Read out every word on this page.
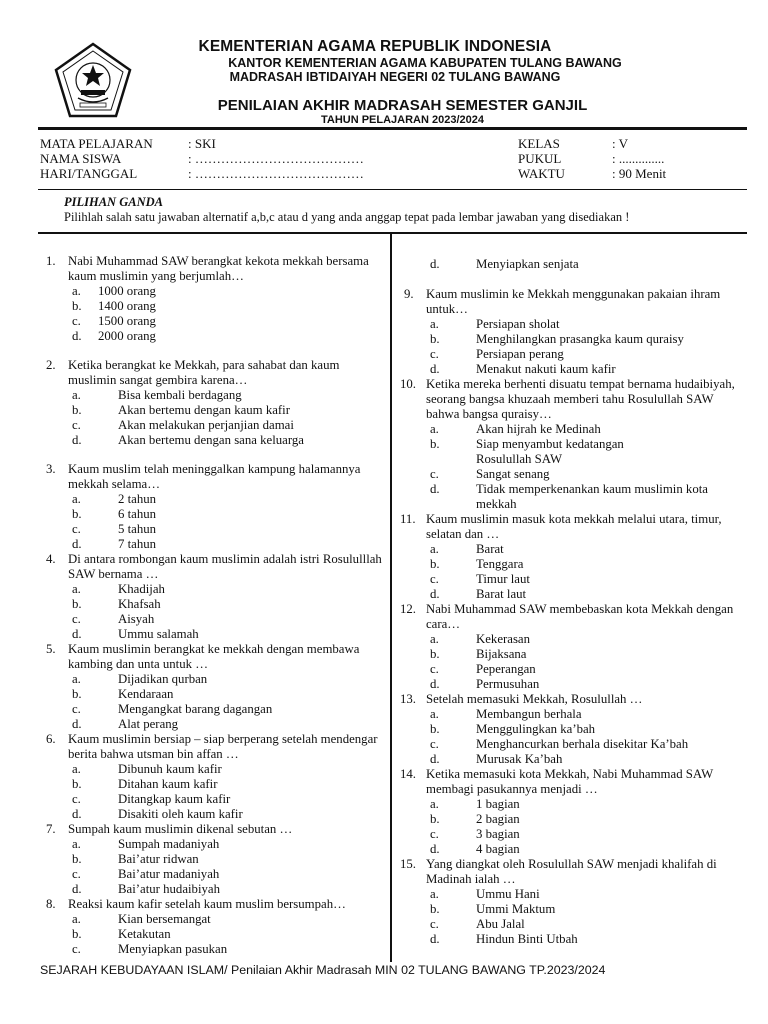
KEMENTERIAN AGAMA REPUBLIK INDONESIA
KANTOR KEMENTERIAN AGAMA KABUPATEN TULANG BAWANG
MADRASAH IBTIDAIYAH NEGERI 02 TULANG BAWANG
PENILAIAN AKHIR MADRASAH SEMESTER GANJIL
TAHUN PELAJARAN 2023/2024
MATA PELAJARAN	: SKI
NAMA SISWA	: …………………………………
HARI/TANGGAL	: …………………………………
KELAS	: V
PUKUL	: ..............
WAKTU	: 90 Menit
PILIHAN GANDA
Pilihlah salah satu jawaban alternatif a,b,c atau d yang anda anggap tepat pada lembar jawaban yang disediakan !
1. Nabi Muhammad SAW berangkat kekota mekkah bersama kaum muslimin yang berjumlah…
a. 1000 orang
b. 1400 orang
c. 1500 orang
d. 2000 orang
2. Ketika berangkat ke Mekkah, para sahabat dan kaum muslimin sangat gembira karena…
a.	Bisa kembali berdagang
b.	Akan bertemu dengan kaum kafir
c.	Akan melakukan perjanjian damai
d.	Akan bertemu dengan sana keluarga
3. Kaum muslim telah meninggalkan kampung halamannya mekkah selama…
a.	2 tahun
b.	6 tahun
c.	5 tahun
d.	7 tahun
4. Di antara rombongan kaum muslimin adalah istri Rosululllah SAW bernama …
a.	Khadijah
b.	Khafsah
c.	Aisyah
d.	Ummu salamah
5. Kaum muslimin berangkat ke mekkah dengan membawa kambing dan unta untuk …
a.	Dijadikan qurban
b.	Kendaraan
c.	Mengangkat barang dagangan
d.	Alat perang
6. Kaum muslimin bersiap – siap berperang setelah mendengar berita bahwa utsman bin affan …
a.	Dibunuh kaum kafir
b.	Ditahan kaum kafir
c.	Ditangkap kaum kafir
d.	Disakiti oleh kaum kafir
7. Sumpah kaum muslimin dikenal sebutan …
a.	Sumpah madaniyah
b.	Bai’atur ridwan
c.	Bai’atur madaniyah
d.	Bai’atur hudaibiyah
8. Reaksi kaum kafir setelah kaum muslim bersumpah…
a.	Kian bersemangat
b.	Ketakutan
c.	Menyiapkan pasukan
d.	Menyiapkan senjata
9. Kaum muslimin ke Mekkah menggunakan pakaian ihram untuk…
a.	Persiapan sholat
b.	Menghilangkan prasangka kaum quraisy
c.	Persiapan perang
d.	Menakut nakuti kaum kafir
10. Ketika mereka berhenti disuatu tempat bernama hudaibiyah, seorang bangsa khuzaah memberi tahu Rosulullah SAW bahwa bangsa quraisy…
a.	Akan hijrah ke Medinah
b.	Siap menyambut kedatangan Rosulullah SAW
c.	Sangat senang
d.	Tidak memperkenankan kaum muslimin kota mekkah
11. Kaum muslimin masuk kota mekkah melalui utara, timur, selatan dan …
a.	Barat
b.	Tenggara
c.	Timur laut
d.	Barat laut
12. Nabi Muhammad SAW membebaskan kota Mekkah dengan cara…
a.	Kekerasan
b.	Bijaksana
c.	Peperangan
d.	Permusuhan
13. Setelah memasuki Mekkah, Rosulullah …
a.	Membangun berhala
b.	Menggulingkan ka’bah
c.	Menghancurkan berhala disekitar Ka’bah
d.	Murusak Ka’bah
14. Ketika memasuki kota Mekkah, Nabi Muhammad SAW membagi pasukannya menjadi …
a.	1 bagian
b.	2 bagian
c.	3 bagian
d.	4 bagian
15. Yang diangkat oleh Rosulullah SAW menjadi khalifah di Madinah ialah …
a.	Ummu Hani
b.	Ummi Maktum
c.	Abu Jalal
d.	Hindun Binti Utbah
SEJARAH KEBUDAYAAN ISLAM/ Penilaian Akhir Madrasah MIN 02 TULANG BAWANG TP.2023/2024
